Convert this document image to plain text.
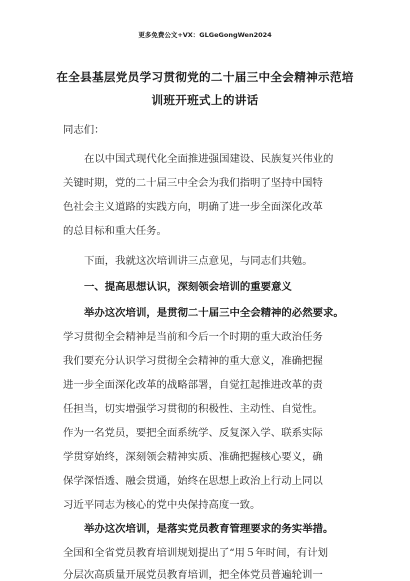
更多免费公文+VX：GLGeGongWen2024
在全县基层党员学习贯彻党的二十届三中全会精神示范培
训班开班式上的讲话
同志们：
在以中国式现代化全面推进强国建设、民族复兴伟业的
关键时期，党的二十届三中全会为我们指明了坚持中国特
色社会主义道路的实践方向，明确了进一步全面深化改革
的总目标和重大任务。
下面，我就这次培训讲三点意见，与同志们共勉。
一、提高思想认识，深刻领会培训的重要意义
举办这次培训，是贯彻二十届三中全会精神的必然要求。
学习贯彻全会精神是当前和今后一个时期的重大政治任务
我们要充分认识学习贯彻全会精神的重大意义，准确把握
进一步全面深化改革的战略部署，自觉扛起推进改革的责
任担当，切实增强学习贯彻的积极性、主动性、自觉性。
作为一名党员，要把全面系统学、反复深入学、联系实际
学贯穿始终，深刻领会精神实质、准确把握核心要义，确
保学深悟透、融会贯通，始终在思想上政治上行动上同以
习近平同志为核心的党中央保持高度一致。
举办这次培训，是落实党员教育管理要求的务实举措。
全国和全省党员教育培训规划提出了“用５年时间，有计划
分层次高质量开展党员教育培训，把全体党员普遍轮训一
